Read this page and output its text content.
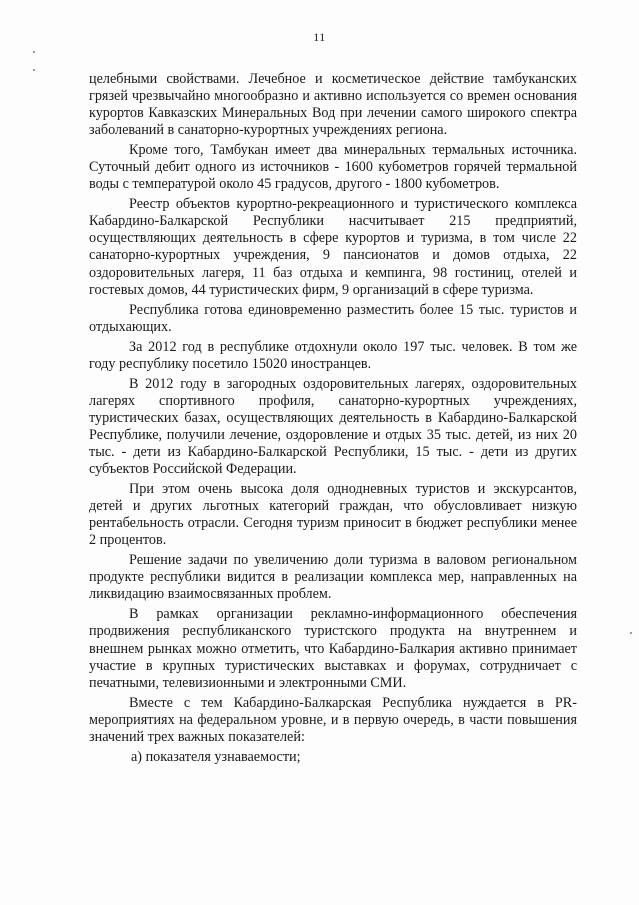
11

целебными свойствами. Лечебное и косметическое действие тамбуканских грязей чрезвычайно многообразно и активно используется со времен основания курортов Кавказских Минеральных Вод при лечении самого широкого спектра заболеваний в санаторно-курортных учреждениях региона.

Кроме того, Тамбукан имеет два минеральных термальных источника. Суточный дебит одного из источников - 1600 кубометров горячей термальной воды с температурой около 45 градусов, другого - 1800 кубометров.

Реестр объектов курортно-рекреационного и туристического комплекса Кабардино-Балкарской Республики насчитывает 215 предприятий, осуществляющих деятельность в сфере курортов и туризма, в том числе 22 санаторно-курортных учреждения, 9 пансионатов и домов отдыха, 22 оздоровительных лагеря, 11 баз отдыха и кемпинга, 98 гостиниц, отелей и гостевых домов, 44 туристических фирм, 9 организаций в сфере туризма.

Республика готова единовременно разместить более 15 тыс. туристов и отдыхающих.

За 2012 год в республике отдохнули около 197 тыс. человек. В том же году республику посетило 15020 иностранцев.

В 2012 году в загородных оздоровительных лагерях, оздоровительных лагерях спортивного профиля, санаторно-курортных учреждениях, туристических базах, осуществляющих деятельность в Кабардино-Балкарской Республике, получили лечение, оздоровление и отдых 35 тыс. детей, из них 20 тыс. - дети из Кабардино-Балкарской Республики, 15 тыс. - дети из других субъектов Российской Федерации.

При этом очень высока доля однодневных туристов и экскурсантов, детей и других льготных категорий граждан, что обусловливает низкую рентабельность отрасли. Сегодня туризм приносит в бюджет республики менее 2 процентов.

Решение задачи по увеличению доли туризма в валовом региональном продукте республики видится в реализации комплекса мер, направленных на ликвидацию взаимосвязанных проблем.

В рамках организации рекламно-информационного обеспечения продвижения республиканского туристского продукта на внутреннем и внешнем рынках можно отметить, что Кабардино-Балкария активно принимает участие в крупных туристических выставках и форумах, сотрудничает с печатными, телевизионными и электронными СМИ.

Вместе с тем Кабардино-Балкарская Республика нуждается в PR-мероприятиях на федеральном уровне, и в первую очередь, в части повышения значений трех важных показателей:

а) показателя узнаваемости;
